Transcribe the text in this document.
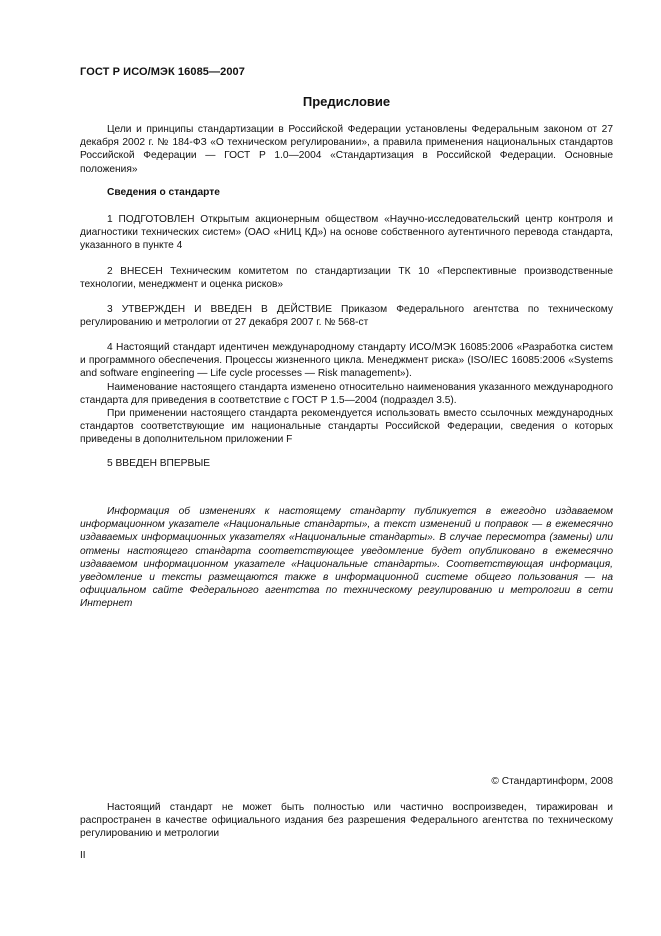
ГОСТ Р ИСО/МЭК 16085—2007
Предисловие

Цели и принципы стандартизации в Российской Федерации установлены Федеральным законом от 27 декабря 2002 г. № 184-ФЗ «О техническом регулировании», а правила применения национальных стандартов Российской Федерации — ГОСТ Р 1.0—2004 «Стандартизация в Российской Федерации. Основные положения»

Сведения о стандарте

1 ПОДГОТОВЛЕН Открытым акционерным обществом «Научно-исследовательский центр контроля и диагностики технических систем» (ОАО «НИЦ КД») на основе собственного аутентичного перевода стандарта, указанного в пункте 4

2 ВНЕСЕН Техническим комитетом по стандартизации ТК 10 «Перспективные производственные технологии, менеджмент и оценка рисков»

3 УТВЕРЖДЕН И ВВЕДЕН В ДЕЙСТВИЕ Приказом Федерального агентства по техническому регулированию и метрологии от 27 декабря 2007 г. № 568-ст

4 Настоящий стандарт идентичен международному стандарту ИСО/МЭК 16085:2006 «Разработка систем и программного обеспечения. Процессы жизненного цикла. Менеджмент риска» (ISO/IEC 16085:2006 «Systems and software engineering — Life cycle processes — Risk management»).

Наименование настоящего стандарта изменено относительно наименования указанного международного стандарта для приведения в соответствие с ГОСТ Р 1.5—2004 (подраздел 3.5).

При применении настоящего стандарта рекомендуется использовать вместо ссылочных международных стандартов соответствующие им национальные стандарты Российской Федерации, сведения о которых приведены в дополнительном приложении F

5 ВВЕДЕН ВПЕРВЫЕ

Информация об изменениях к настоящему стандарту публикуется в ежегодно издаваемом информационном указателе «Национальные стандарты», а текст изменений и поправок — в ежемесячно издаваемых информационных указателях «Национальные стандарты». В случае пересмотра (замены) или отмены настоящего стандарта соответствующее уведомление будет опубликовано в ежемесячно издаваемом информационном указателе «Национальные стандарты». Соответствующая информация, уведомление и тексты размещаются также в информационной системе общего пользования — на официальном сайте Федерального агентства по техническому регулированию и метрологии в сети Интернет

© Стандартинформ, 2008

Настоящий стандарт не может быть полностью или частично воспроизведен, тиражирован и распространен в качестве официального издания без разрешения Федерального агентства по техническому регулированию и метрологии

II
